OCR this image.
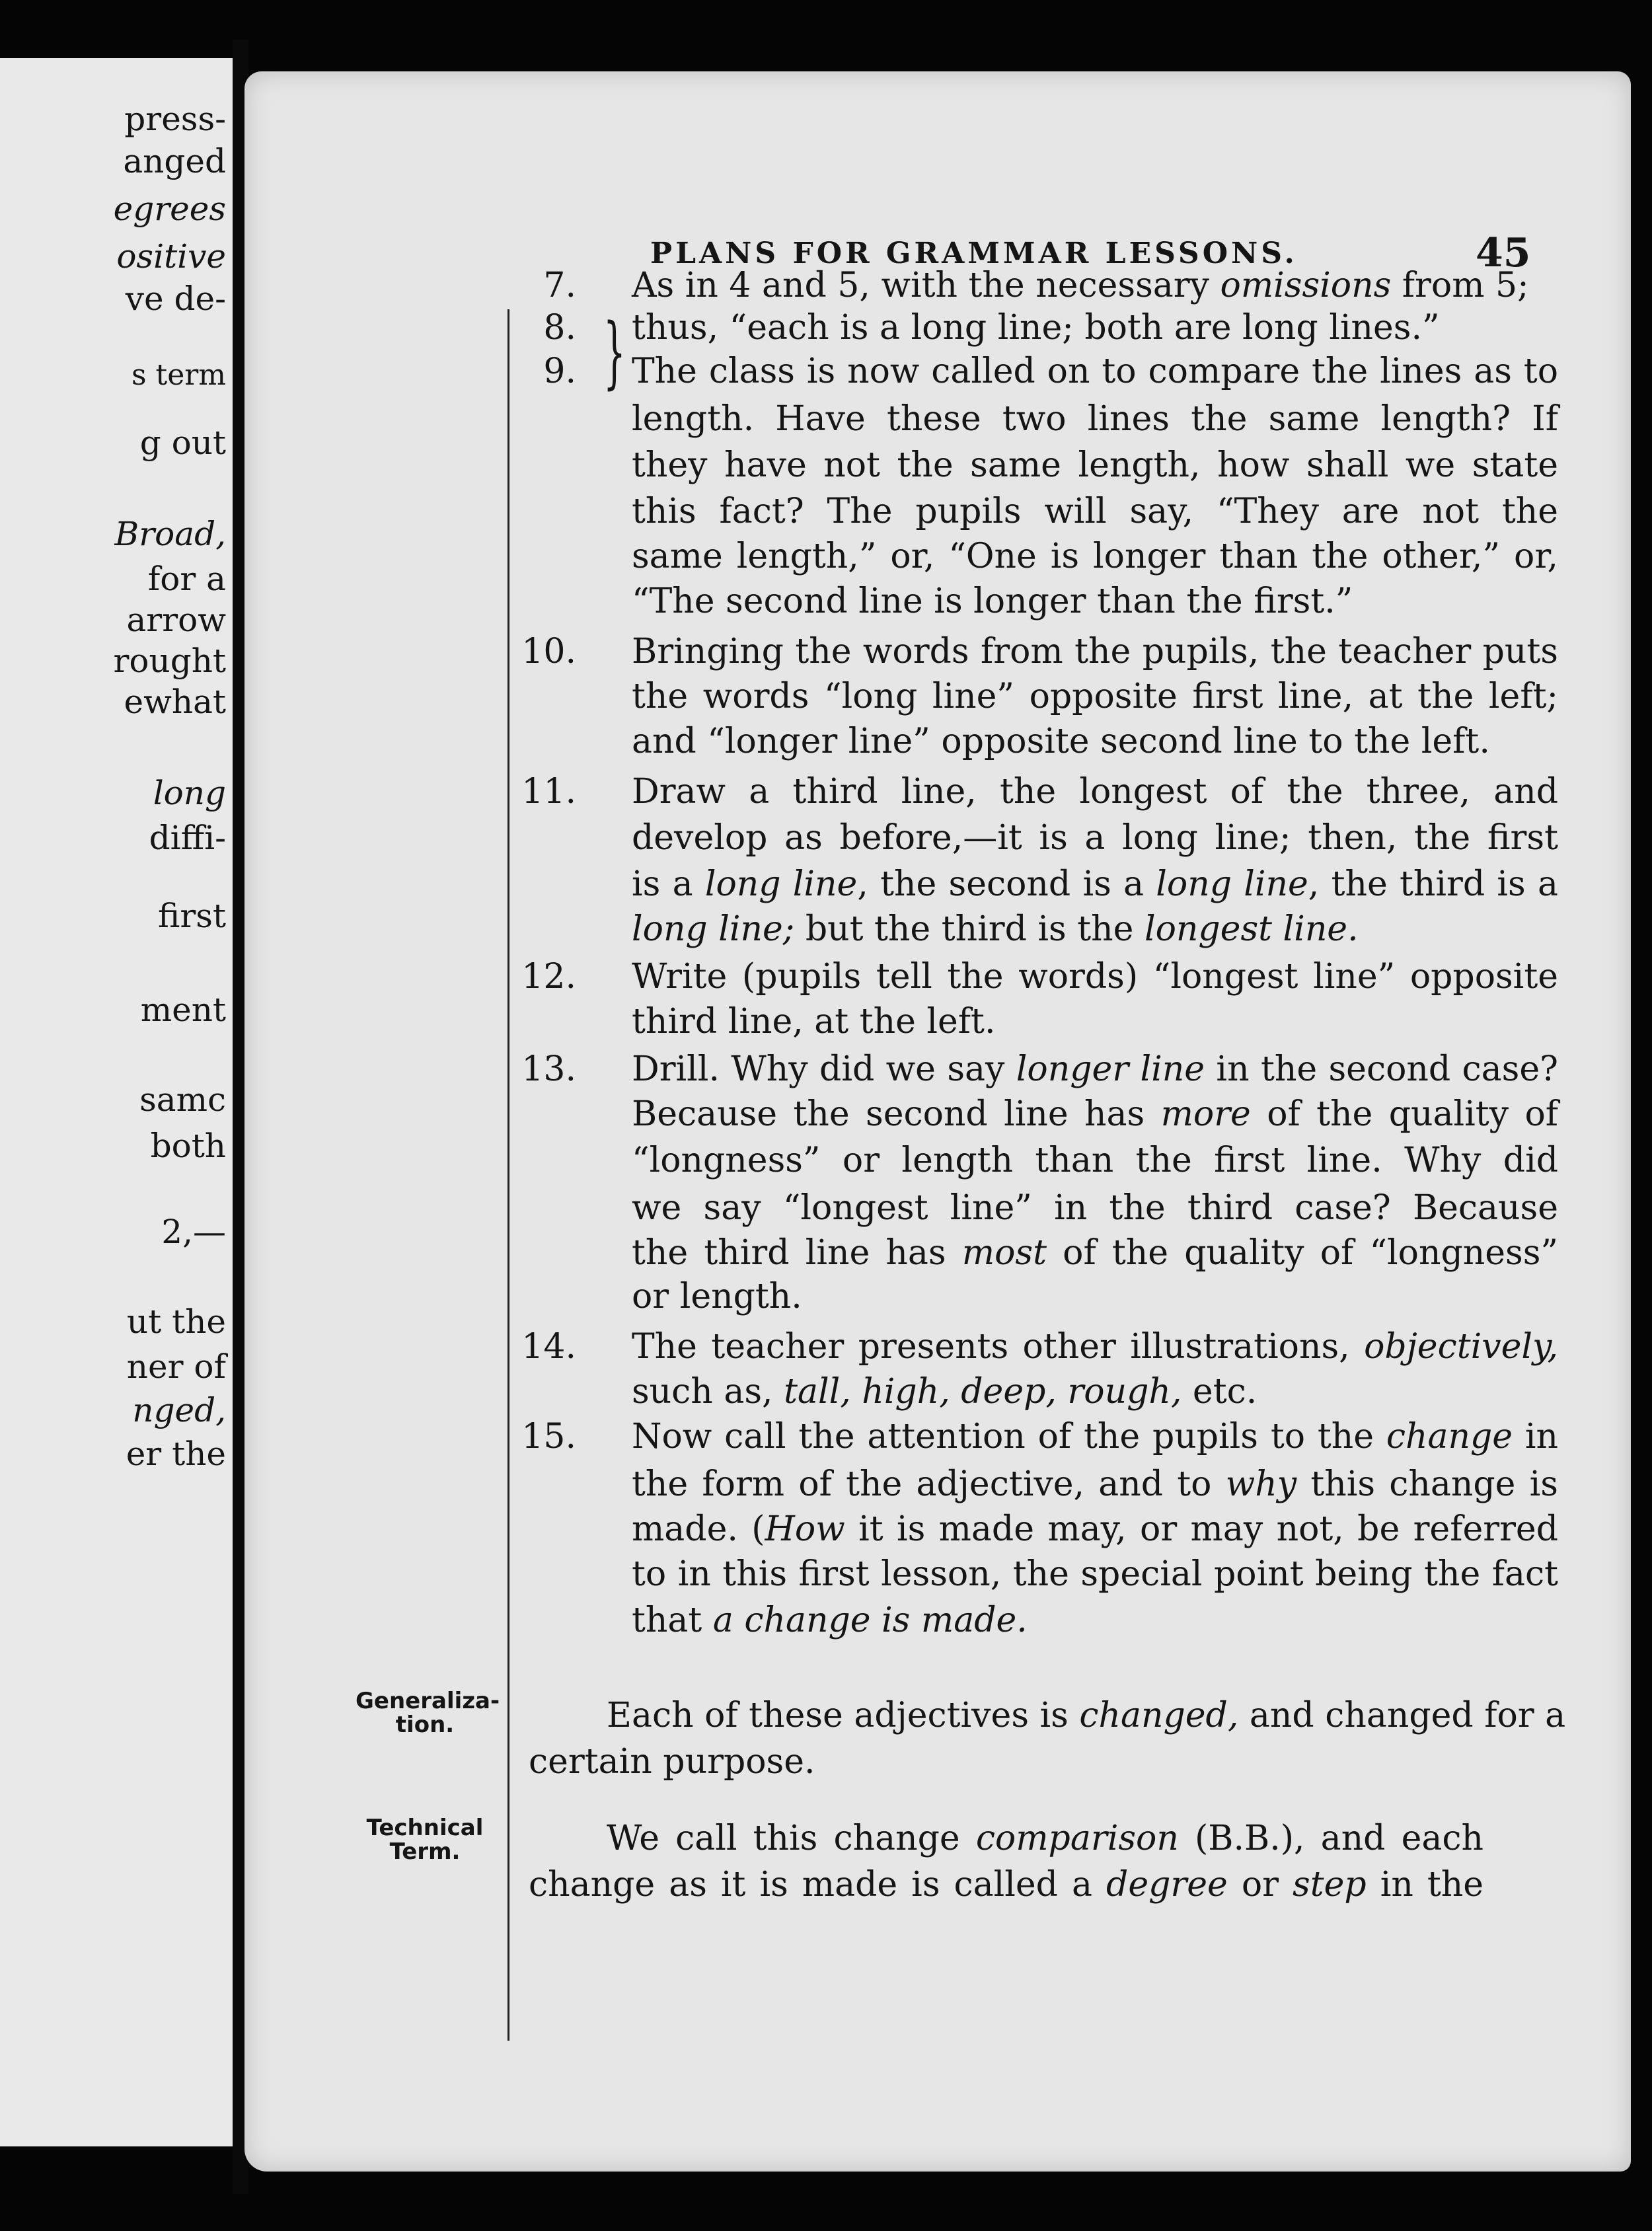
press-
anged
egrees
ositive
ve de-
s term
g out
Broad,
for a
arrow
rought
ewhat
long
diffi-
first
ment
samc
both
2,—
ut the
ner of
nged,
er the
PLANS FOR GRAMMAR LESSONS.	45
}
7. As in 4 and 5, with the necessary omissions from 5;
8. thus, “each is a long line; both are long lines.”
9. The class is now called on to compare the lines as to
length. Have these two lines the same length? If
they have not the same length, how shall we state
this fact? The pupils will say, “They are not the
same length,” or, “One is longer than the other,” or,
“The second line is longer than the first.”
10. Bringing the words from the pupils, the teacher puts
the words “long line” opposite first line, at the left;
and “longer line” opposite second line to the left.
11. Draw a third line, the longest of the three, and
develop as before,—it is a long line; then, the first
is a long line, the second is a long line, the third is a
long line; but the third is the longest line.
12. Write (pupils tell the words) “longest line” opposite
third line, at the left.
13. Drill. Why did we say longer line in the second case?
Because the second line has more of the quality of
“longness” or length than the first line. Why did
we say “longest line” in the third case? Because
the third line has most of the quality of “longness”
or length.
14. The teacher presents other illustrations, objectively,
such as, tall, high, deep, rough, etc.
15. Now call the attention of the pupils to the change in
the form of the adjective, and to why this change is
made. (How it is made may, or may not, be referred
to in this first lesson, the special point being the fact
that a change is made.
Each of these adjectives is changed, and changed for a
certain purpose.
We call this change comparison (B.B.), and each
change as it is made is called a degree or step in the
Generaliza-
tion.
Technical
Term.
